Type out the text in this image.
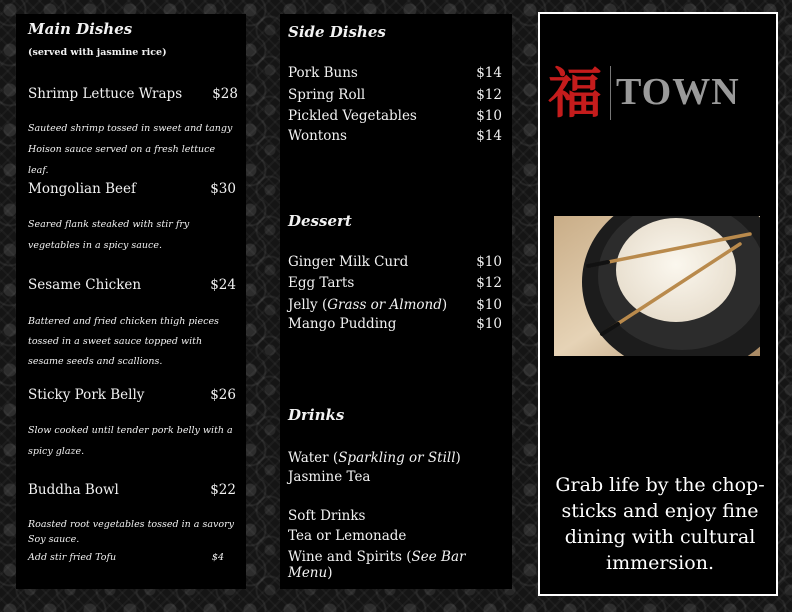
Main Dishes
(served with jasmine rice)
Shrimp Lettuce Wraps $28
Sauteed shrimp tossed in sweet and tangy Hoison sauce served on a fresh lettuce leaf.
Mongolian Beef	$30
Seared flank steaked with stir fry vegetables in a spicy sauce.
Sesame Chicken	$24
Battered and fried chicken thigh pieces tossed in a sweet sauce topped with sesame seeds and scallions.
Sticky Pork Belly	$26
Slow cooked until tender pork belly with a spicy glaze.
Buddha Bowl	$22
Roasted root vegetables tossed in a savory Soy sauce.
Add stir fried Tofu	$4
Side Dishes
Pork Buns	$14
Spring Roll	$12
Pickled Vegetables	$10
Wontons	$14
Dessert
Ginger Milk Curd	$10
Egg Tarts	$12
Jelly (Grass or Almond) $10
Mango Pudding	$10
Drinks
Water (Sparkling or Still)
Jasmine Tea
Soft Drinks
Tea or Lemonade
Wine and Spirits (See Bar Menu)
福 TOWN
Grab life by the chop-sticks and enjoy fine dining with cultural immersion.
